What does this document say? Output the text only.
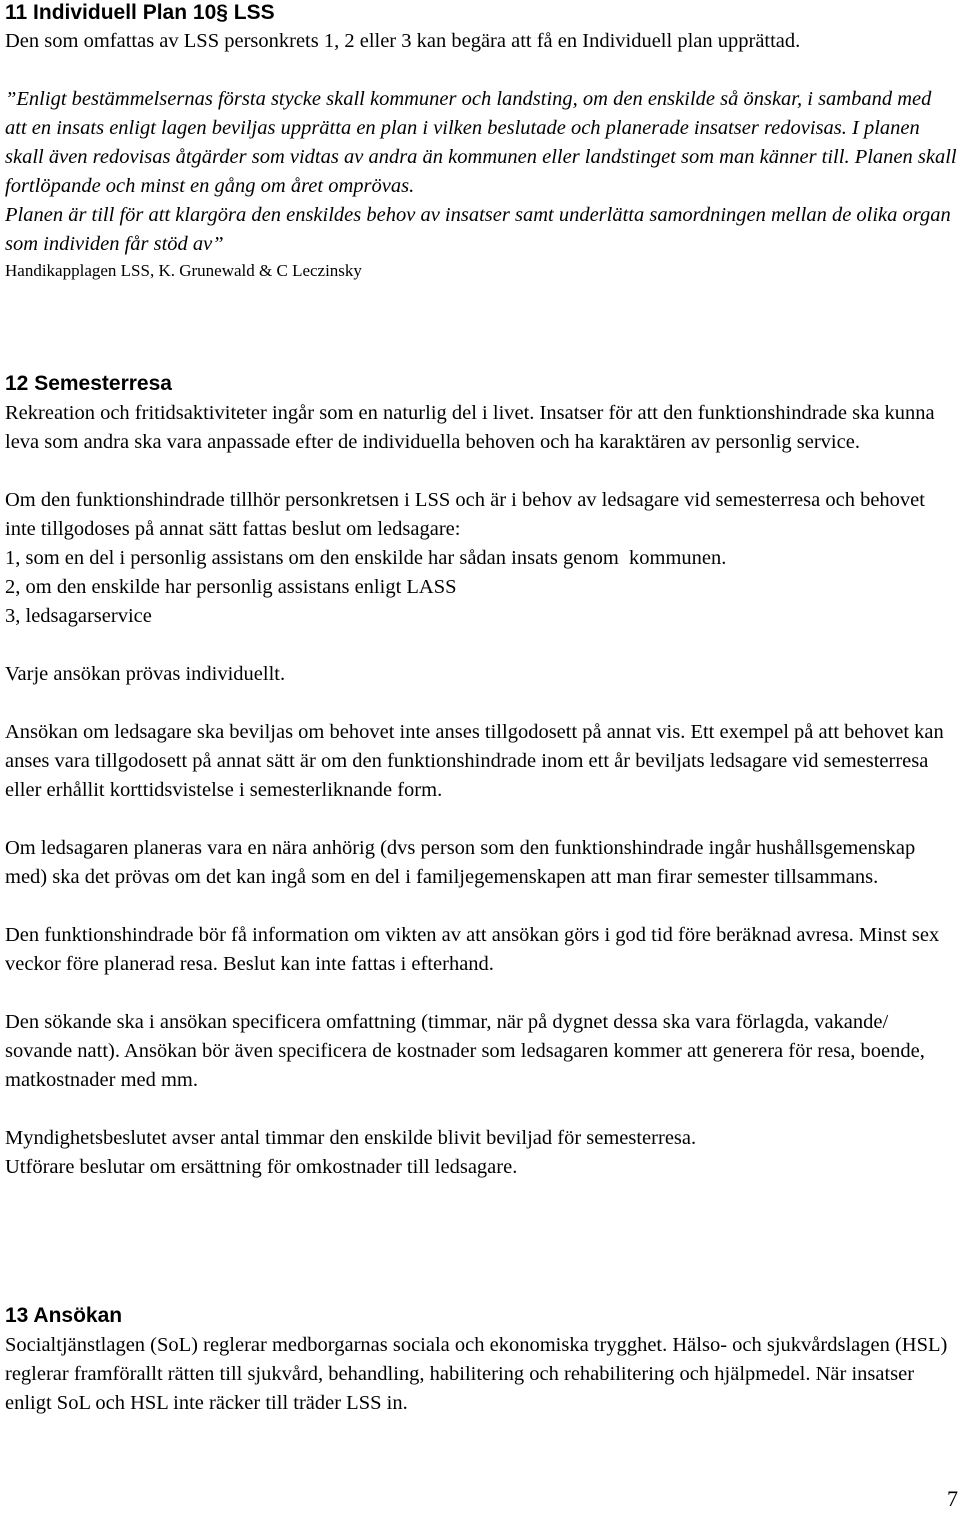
11 Individuell Plan 10§ LSS

Den som omfattas av LSS personkrets 1, 2 eller 3 kan begära att få en Individuell plan upprättad.

”Enligt bestämmelsernas första stycke skall kommuner och landsting, om den enskilde så önskar, i samband med att en insats enligt lagen beviljas upprätta en plan i vilken beslutade och planerade insatser redovisas. I planen skall även redovisas åtgärder som vidtas av andra än kommunen eller landstinget som man känner till. Planen skall fortlöpande och minst en gång om året omprövas.

Planen är till för att klargöra den enskildes behov av insatser samt underlätta samordningen mellan de olika organ som individen får stöd av”

Handikapplagen LSS, K. Grunewald & C Leczinsky

12 Semesterresa

Rekreation och fritidsaktiviteter ingår som en naturlig del i livet. Insatser för att den funktionshindrade ska kunna leva som andra ska vara anpassade efter de individuella behoven och ha karaktären av personlig service.

Om den funktionshindrade tillhör personkretsen i LSS och är i behov av ledsagare vid semesterresa och behovet inte tillgodoses på annat sätt fattas beslut om ledsagare:
1, som en del i personlig assistans om den enskilde har sådan insats genom  kommunen.
2, om den enskilde har personlig assistans enligt LASS
3, ledsagarservice

Varje ansökan prövas individuellt.

Ansökan om ledsagare ska beviljas om behovet inte anses tillgodosett på annat vis. Ett exempel på att behovet kan anses vara tillgodosett på annat sätt är om den funktionshindrade inom ett år beviljats ledsagare vid semesterresa eller erhållit korttidsvistelse i semesterliknande form.

Om ledsagaren planeras vara en nära anhörig (dvs person som den funktionshindrade ingår hushållsgemenskap med) ska det prövas om det kan ingå som en del i familjegemenskapen att man firar semester tillsammans.

Den funktionshindrade bör få information om vikten av att ansökan görs i god tid före beräknad avresa. Minst sex veckor före planerad resa. Beslut kan inte fattas i efterhand.

Den sökande ska i ansökan specificera omfattning (timmar, när på dygnet dessa ska vara förlagda, vakande/ sovande natt). Ansökan bör även specificera de kostnader som ledsagaren kommer att generera för resa, boende, matkostnader med mm.

Myndighetsbeslutet avser antal timmar den enskilde blivit beviljad för semesterresa.
Utförare beslutar om ersättning för omkostnader till ledsagare.

13 Ansökan

Socialtjänstlagen (SoL) reglerar medborgarnas sociala och ekonomiska trygghet. Hälso- och sjukvårdslagen (HSL) reglerar framförallt rätten till sjukvård, behandling, habilitering och rehabilitering och hjälpmedel. När insatser enligt SoL och HSL inte räcker till träder LSS in.

7
